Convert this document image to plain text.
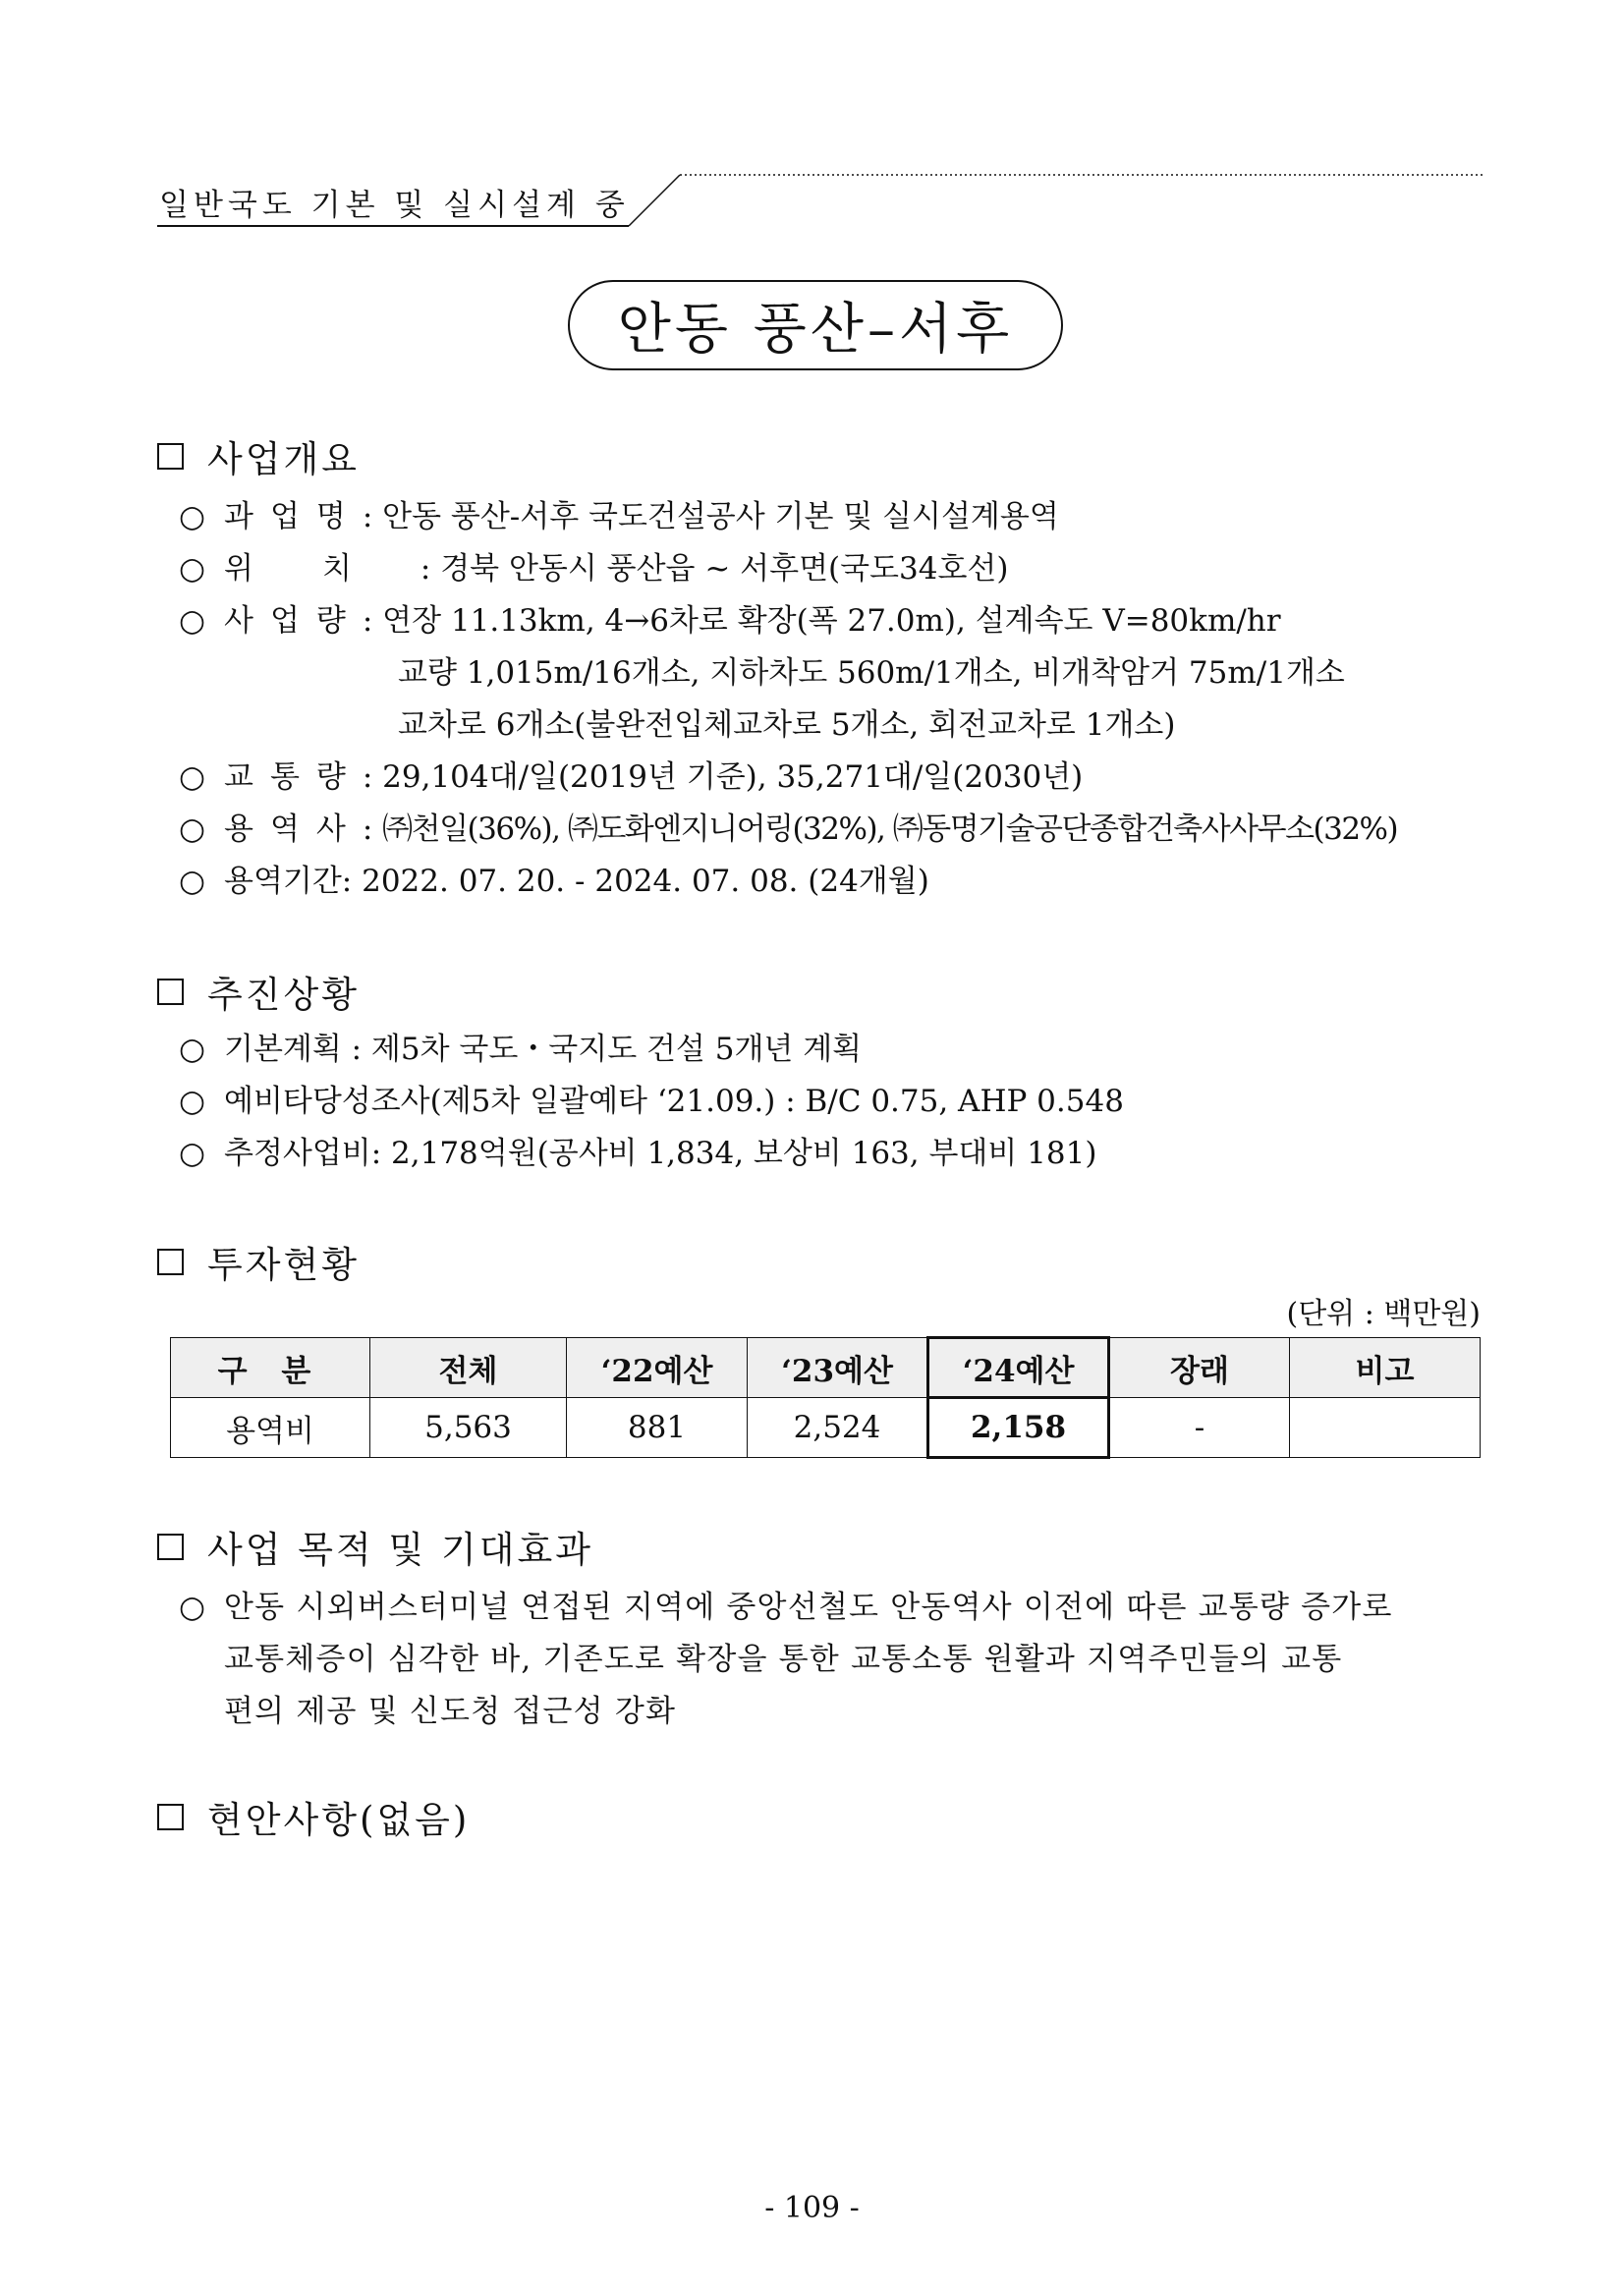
일반국도 기본 및 실시설계 중
안동 풍산–서후
사업개요
○ 과업명: 안동 풍산-서후 국도건설공사 기본 및 실시설계용역
○ 위치: 경북 안동시 풍산읍 ~ 서후면(국도34호선)
○ 사업량: 연장 11.13km, 4→6차로 확장(폭 27.0m), 설계속도 V=80km/hr
교량 1,015m/16개소, 지하차도 560m/1개소, 비개착암거 75m/1개소
교차로 6개소(불완전입체교차로 5개소, 회전교차로 1개소)
○ 교통량: 29,104대/일(2019년 기준), 35,271대/일(2030년)
○ 용역사: ㈜천일(36%), ㈜도화엔지니어링(32%), ㈜동명기술공단종합건축사사무소(32%)
○ 용역기간: 2022. 07. 20. - 2024. 07. 08. (24개월)
추진상황
○ 기본계획 : 제5차 국도・국지도 건설 5개년 계획
○ 예비타당성조사(제5차 일괄예타 ‘21.09.) : B/C 0.75, AHP 0.548
○ 추정사업비: 2,178억원(공사비 1,834, 보상비 163, 부대비 181)
투자현황
(단위 : 백만원)
구 분	전체	‘22예산	‘23예산	‘24예산	장래	비고
용역비	5,563	881	2,524	2,158	-	
사업 목적 및 기대효과
○ 안동 시외버스터미널 연접된 지역에 중앙선철도 안동역사 이전에 따른 교통량 증가로
교통체증이 심각한 바, 기존도로 확장을 통한 교통소통 원활과 지역주민들의 교통
편의 제공 및 신도청 접근성 강화
현안사항(없음)
- 109 -
